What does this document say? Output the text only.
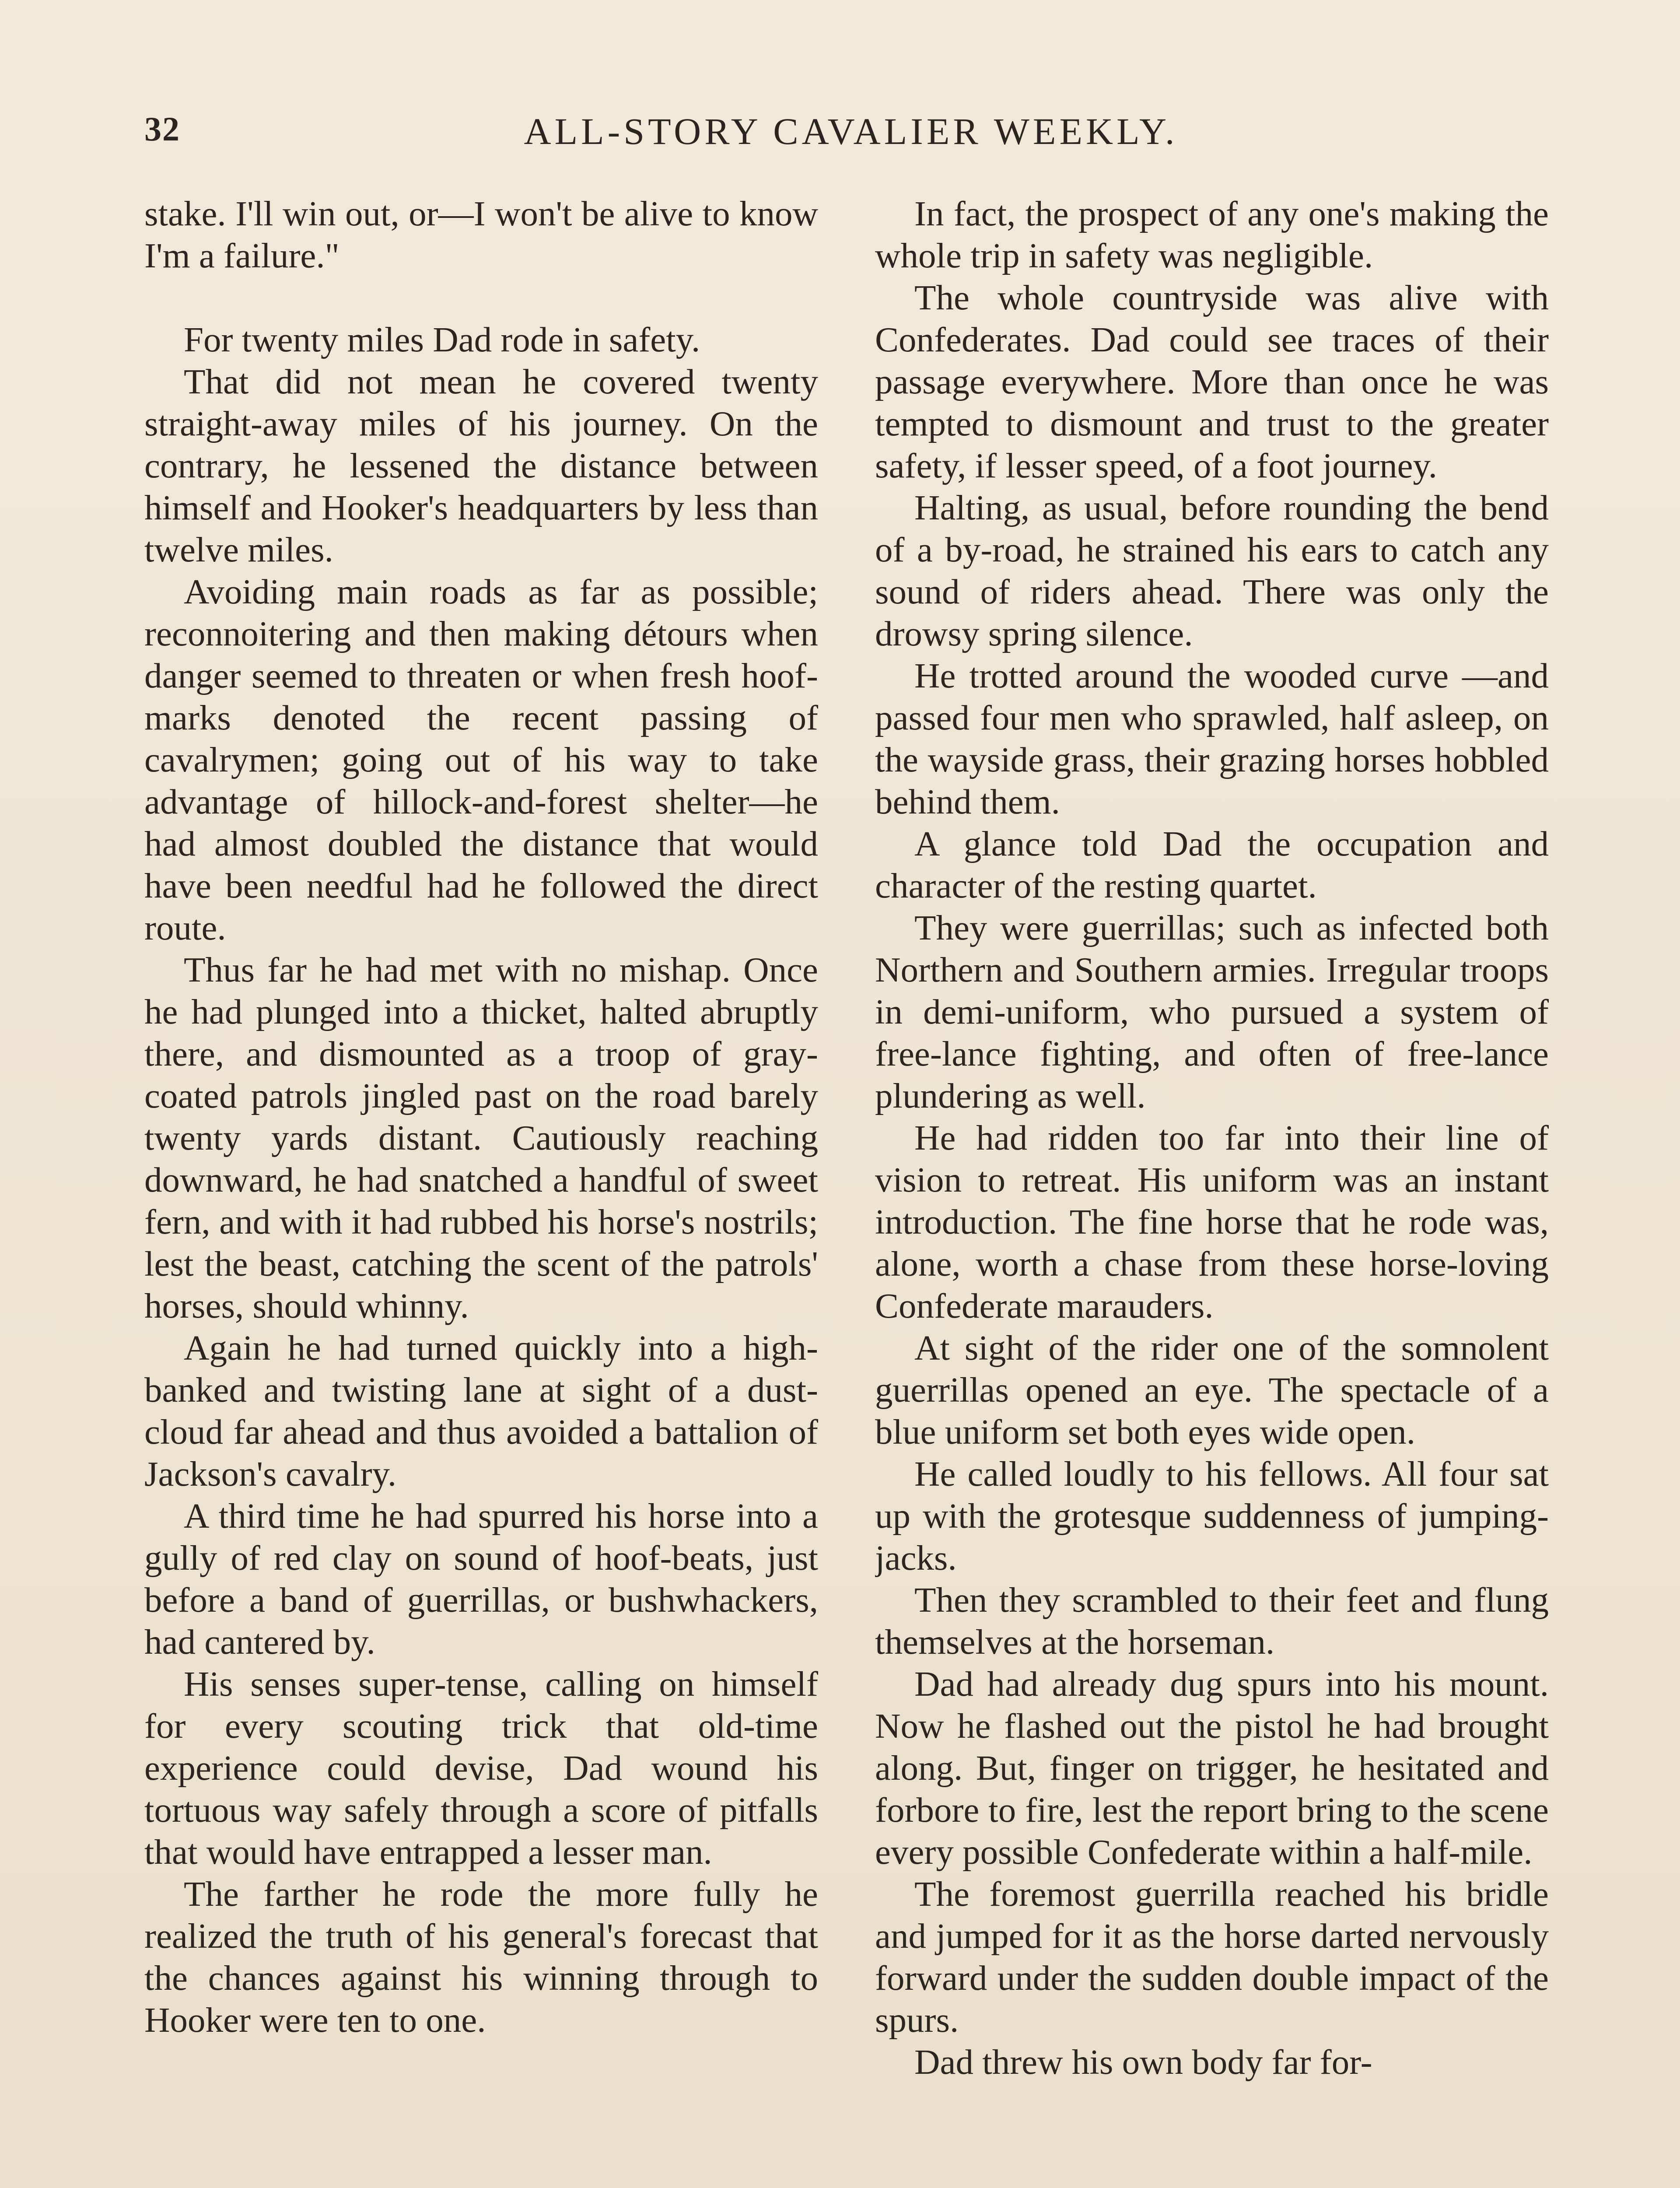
32	ALL-STORY CAVALIER WEEKLY.

stake. I'll win out, or—I won't be alive to know I'm a failure."

For twenty miles Dad rode in safety.

That did not mean he covered twenty straight-away miles of his journey. On the contrary, he lessened the distance between himself and Hooker's headquarters by less than twelve miles.

Avoiding main roads as far as possible; reconnoitering and then making détours when danger seemed to threaten or when fresh hoof-marks denoted the recent passing of cavalrymen; going out of his way to take advantage of hillock-and-forest shelter—he had almost doubled the distance that would have been needful had he followed the direct route.

Thus far he had met with no mishap. Once he had plunged into a thicket, halted abruptly there, and dismounted as a troop of gray-coated patrols jingled past on the road barely twenty yards distant. Cautiously reaching downward, he had snatched a handful of sweet fern, and with it had rubbed his horse's nostrils; lest the beast, catching the scent of the patrols' horses, should whinny.

Again he had turned quickly into a high-banked and twisting lane at sight of a dust-cloud far ahead and thus avoided a battalion of Jackson's cavalry.

A third time he had spurred his horse into a gully of red clay on sound of hoof-beats, just before a band of guerrillas, or bushwhackers, had cantered by.

His senses super-tense, calling on himself for every scouting trick that old-time experience could devise, Dad wound his tortuous way safely through a score of pitfalls that would have entrapped a lesser man.

The farther he rode the more fully he realized the truth of his general's forecast that the chances against his winning through to Hooker were ten to one.

In fact, the prospect of any one's making the whole trip in safety was negligible.

The whole countryside was alive with Confederates. Dad could see traces of their passage everywhere. More than once he was tempted to dismount and trust to the greater safety, if lesser speed, of a foot journey.

Halting, as usual, before rounding the bend of a by-road, he strained his ears to catch any sound of riders ahead. There was only the drowsy spring silence.

He trotted around the wooded curve —and passed four men who sprawled, half asleep, on the wayside grass, their grazing horses hobbled behind them.

A glance told Dad the occupation and character of the resting quartet.

They were guerrillas; such as infected both Northern and Southern armies. Irregular troops in demi-uniform, who pursued a system of free-lance fighting, and often of free-lance plundering as well.

He had ridden too far into their line of vision to retreat. His uniform was an instant introduction. The fine horse that he rode was, alone, worth a chase from these horse-loving Confederate marauders.

At sight of the rider one of the somnolent guerrillas opened an eye. The spectacle of a blue uniform set both eyes wide open.

He called loudly to his fellows. All four sat up with the grotesque suddenness of jumping-jacks.

Then they scrambled to their feet and flung themselves at the horseman.

Dad had already dug spurs into his mount. Now he flashed out the pistol he had brought along. But, finger on trigger, he hesitated and forbore to fire, lest the report bring to the scene every possible Confederate within a half-mile.

The foremost guerrilla reached his bridle and jumped for it as the horse darted nervously forward under the sudden double impact of the spurs.

Dad threw his own body far for-
